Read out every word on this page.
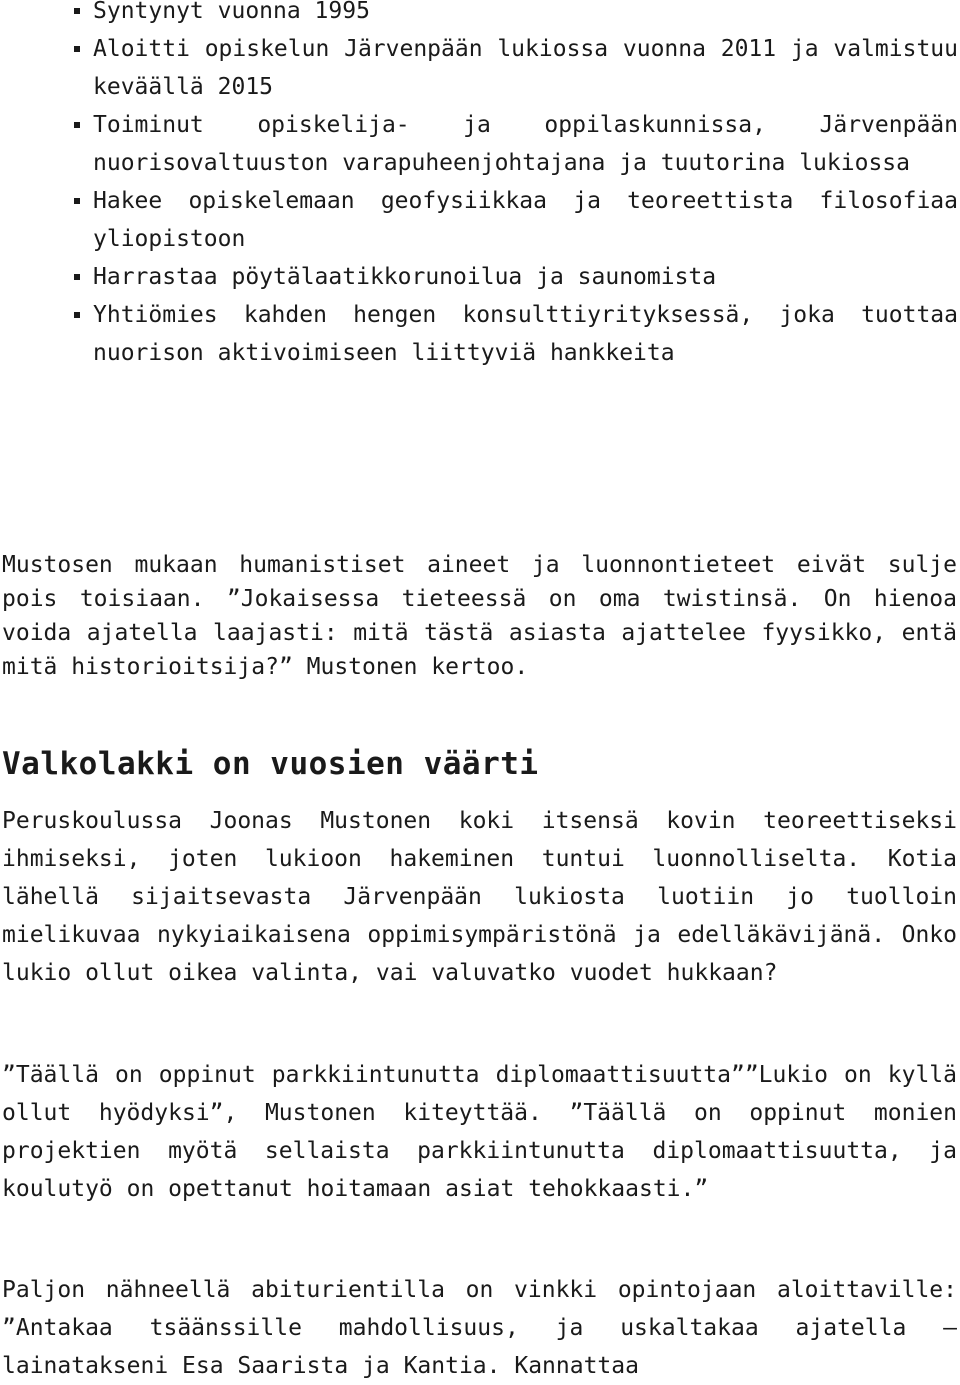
Syntynyt vuonna 1995
Aloitti opiskelun Järvenpään lukiossa vuonna 2011 ja valmistuu keväällä 2015
Toiminut opiskelija- ja oppilaskunnissa, Järvenpään nuorisovaltuuston varapuheenjohtajana ja tuutorina lukiossa
Hakee opiskelemaan geofysiikkaa ja teoreettista filosofiaa yliopistoon
Harrastaa pöytälaatikkorunoilua ja saunomista
Yhtiömies kahden hengen konsulttiyrityksessä, joka tuottaa nuorison aktivoimiseen liittyviä hankkeita

Mustosen mukaan humanistiset aineet ja luonnontieteet eivät sulje pois toisiaan. ”Jokaisessa tieteessä on oma twistinsä. On hienoa voida ajatella laajasti: mitä tästä asiasta ajattelee fyysikko, entä mitä historioitsija?” Mustonen kertoo.

Valkolakki on vuosien väärti

Peruskoulussa Joonas Mustonen koki itsensä kovin teoreettiseksi ihmiseksi, joten lukioon hakeminen tuntui luonnolliselta. Kotia lähellä sijaitsevasta Järvenpään lukiosta luotiin jo tuolloin mielikuvaa nykyiaikaisena oppimisympäristönä ja edelläkävijänä. Onko lukio ollut oikea valinta, vai valuvatko vuodet hukkaan?

”Täällä on oppinut parkkiintunutta diplomaattisuutta””Lukio on kyllä ollut hyödyksi”, Mustonen kiteyttää. ”Täällä on oppinut monien projektien myötä sellaista parkkiintunutta diplomaattisuutta, ja koulutyö on opettanut hoitamaan asiat tehokkaasti.”

Paljon nähneellä abiturientilla on vinkki opintojaan aloittaville: ”Antakaa tsäänssille mahdollisuus, ja uskaltakaa ajatella – lainatakseni Esa Saarista ja Kantia. Kannattaa
